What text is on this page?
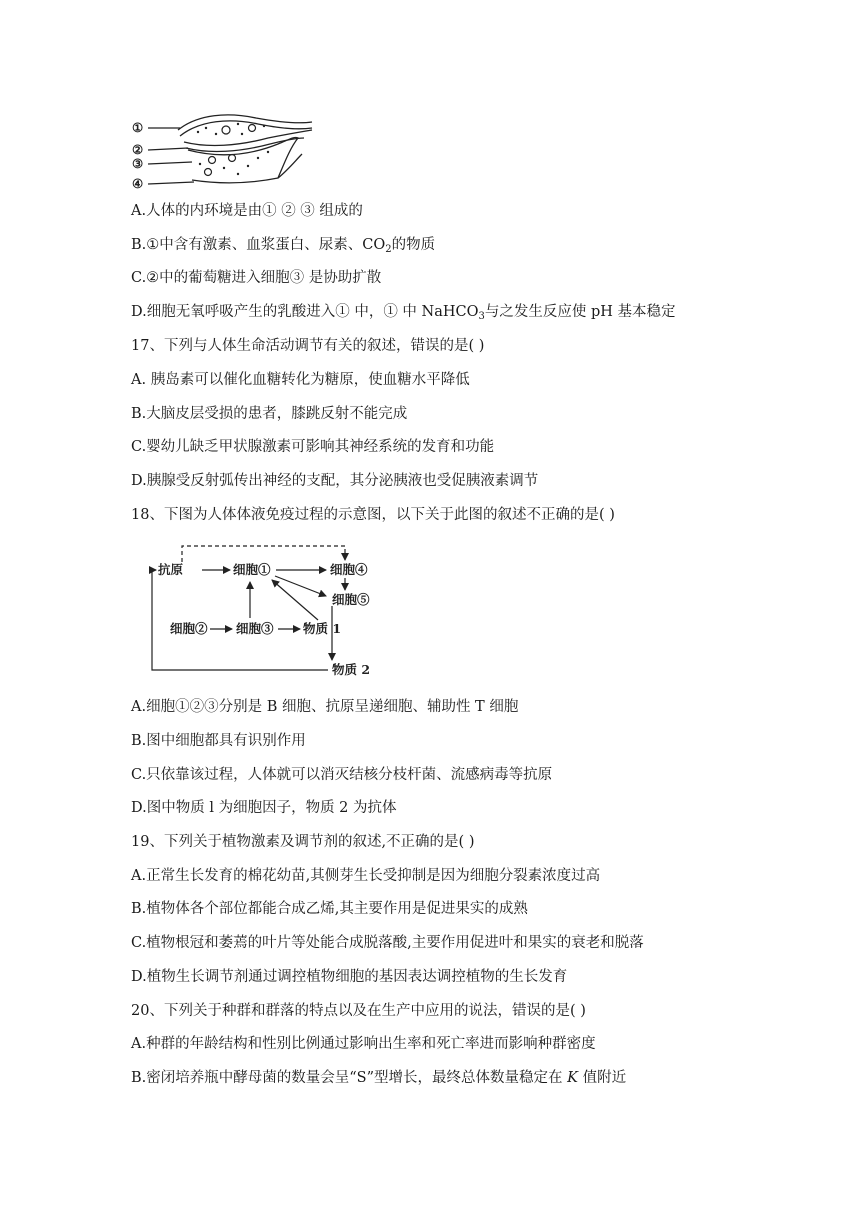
①
②
③
④
A.人体的内环境是由① ② ③ 组成的
B.①中含有激素、血浆蛋白、尿素、$CO_2$的物质
C.②中的葡萄糖进入细胞③ 是协助扩散
D.细胞无氧呼吸产生的乳酸进入① 中，① 中 NaHCO$_3$与之发生反应使 pH 基本稳定
17、下列与人体生命活动调节有关的叙述，错误的是( )
A. 胰岛素可以催化血糖转化为糖原，使血糖水平降低
B.大脑皮层受损的患者，膝跳反射不能完成
C.婴幼儿缺乏甲状腺激素可影响其神经系统的发育和功能
D.胰腺受反射弧传出神经的支配，其分泌胰液也受促胰液素调节
18、下图为人体体液免疫过程的示意图，以下关于此图的叙述不正确的是( )
抗原	细胞①	细胞④
细胞⑤
细胞② 细胞③ 物质 1
物质 2
A.细胞①②③分别是 B 细胞、抗原呈递细胞、辅助性 T 细胞
B.图中细胞都具有识别作用
C.只依靠该过程，人体就可以消灭结核分枝杆菌、流感病毒等抗原
D.图中物质 l 为细胞因子，物质 2 为抗体
19、下列关于植物激素及调节剂的叙述,不正确的是( )
A.正常生长发育的棉花幼苗,其侧芽生长受抑制是因为细胞分裂素浓度过高
B.植物体各个部位都能合成乙烯,其主要作用是促进果实的成熟
C.植物根冠和萎蔫的叶片等处能合成脱落酸,主要作用促进叶和果实的衰老和脱落
D.植物生长调节剂通过调控植物细胞的基因表达调控植物的生长发育
20、下列关于种群和群落的特点以及在生产中应用的说法，错误的是( )
A.种群的年龄结构和性别比例通过影响出生率和死亡率进而影响种群密度
B.密闭培养瓶中酵母菌的数量会呈“S”型增长，最终总体数量稳定在 K 值附近
